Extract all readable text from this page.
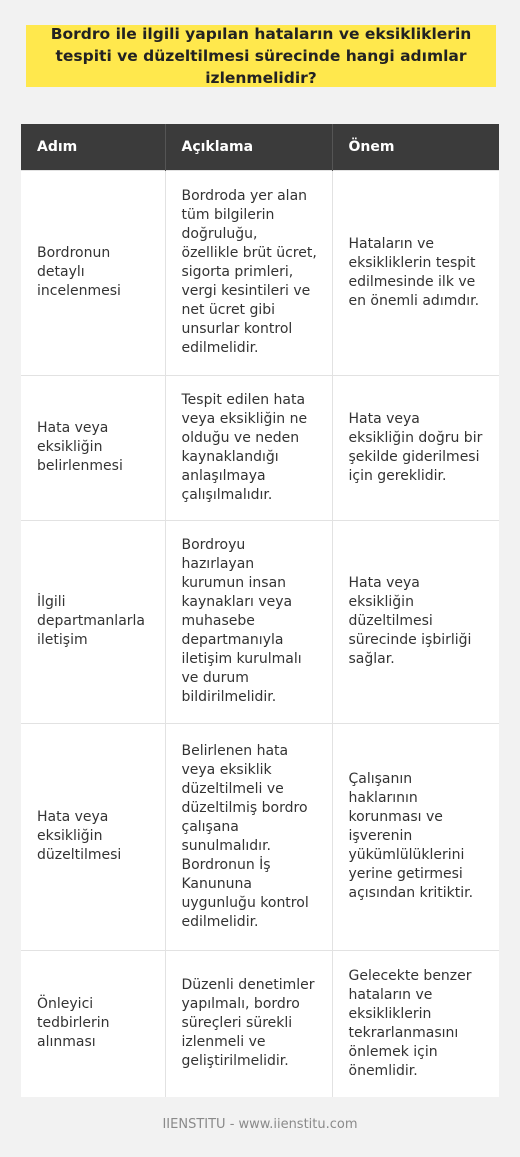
Bordro ile ilgili yapılan hataların ve eksikliklerin tespiti ve düzeltilmesi sürecinde hangi adımlar izlenmelidir?
Adım	Açıklama	Önem
Bordronun detaylı incelenmesi	Bordroda yer alan tüm bilgilerin doğruluğu, özellikle brüt ücret, sigorta primleri, vergi kesintileri ve net ücret gibi unsurlar kontrol edilmelidir.	Hataların ve eksikliklerin tespit edilmesinde ilk ve en önemli adımdır.
Hata veya eksikliğin belirlenmesi	Tespit edilen hata veya eksikliğin ne olduğu ve neden kaynaklandığı anlaşılmaya çalışılmalıdır.	Hata veya eksikliğin doğru bir şekilde giderilmesi için gereklidir.
İlgili departmanlarla iletişim	Bordroyu hazırlayan kurumun insan kaynakları veya muhasebe departmanıyla iletişim kurulmalı ve durum bildirilmelidir.	Hata veya eksikliğin düzeltilmesi sürecinde işbirliği sağlar.
Hata veya eksikliğin düzeltilmesi	Belirlenen hata veya eksiklik düzeltilmeli ve düzeltilmiş bordro çalışana sunulmalıdır. Bordronun İş Kanununa uygunluğu kontrol edilmelidir.	Çalışanın haklarının korunması ve işverenin yükümlülüklerini yerine getirmesi açısından kritiktir.
Önleyici tedbirlerin alınması	Düzenli denetimler yapılmalı, bordro süreçleri sürekli izlenmeli ve geliştirilmelidir.	Gelecekte benzer hataların ve eksikliklerin tekrarlanmasını önlemek için önemlidir.
IIENSTITU - www.iienstitu.com
